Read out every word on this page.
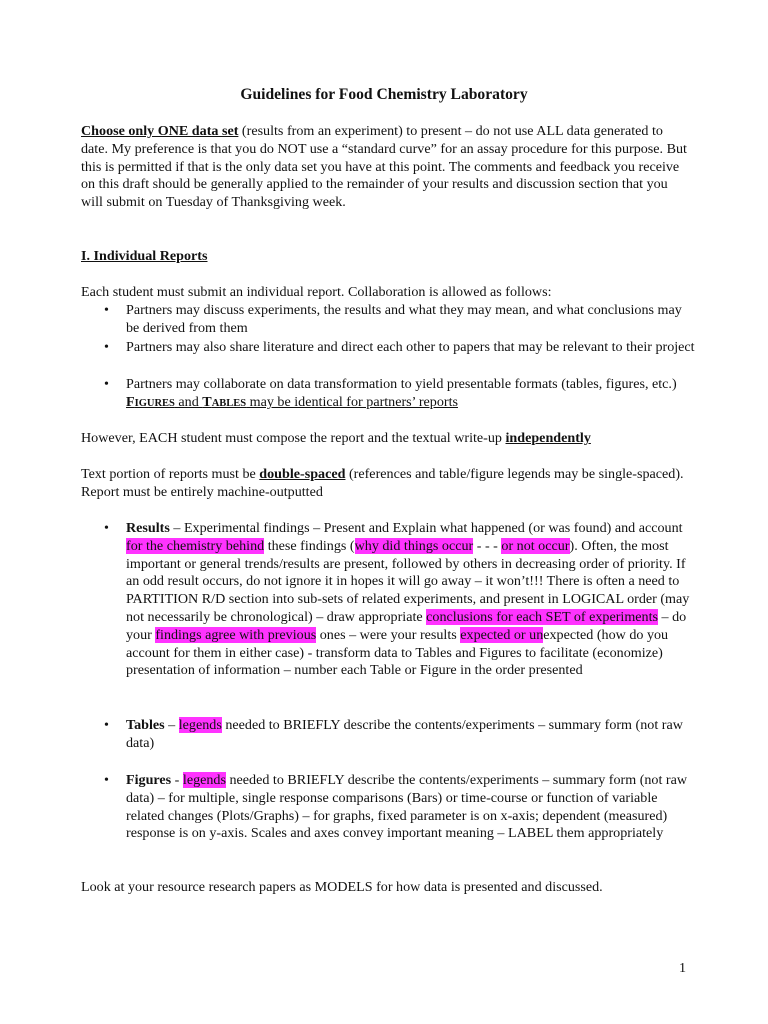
Guidelines for Food Chemistry Laboratory
Choose only ONE data set (results from an experiment) to present – do not use ALL data generated to date. My preference is that you do NOT use a “standard curve” for an assay procedure for this purpose. But this is permitted if that is the only data set you have at this point. The comments and feedback you receive on this draft should be generally applied to the remainder of your results and discussion section that you will submit on Tuesday of Thanksgiving week.
I. Individual Reports
Each student must submit an individual report. Collaboration is allowed as follows:
• Partners may discuss experiments, the results and what they may mean, and what conclusions may be derived from them
• Partners may also share literature and direct each other to papers that may be relevant to their project
• Partners may collaborate on data transformation to yield presentable formats (tables, figures, etc.) FIGURES and TABLES may be identical for partners’ reports
However, EACH student must compose the report and the textual write-up independently
Text portion of reports must be double-spaced (references and table/figure legends may be single-spaced). Report must be entirely machine-outputted
• Results – Experimental findings – Present and Explain what happened (or was found) and account for the chemistry behind these findings (why did things occur - - - or not occur). Often, the most important or general trends/results are present, followed by others in decreasing order of priority. If an odd result occurs, do not ignore it in hopes it will go away – it won’t!!! There is often a need to PARTITION R/D section into sub-sets of related experiments, and present in LOGICAL order (may not necessarily be chronological) – draw appropriate conclusions for each SET of experiments – do your findings agree with previous ones – were your results expected or unexpected (how do you account for them in either case) - transform data to Tables and Figures to facilitate (economize) presentation of information – number each Table or Figure in the order presented
• Tables – legends needed to BRIEFLY describe the contents/experiments – summary form (not raw data)
• Figures - legends needed to BRIEFLY describe the contents/experiments – summary form (not raw data) – for multiple, single response comparisons (Bars) or time-course or function of variable related changes (Plots/Graphs) – for graphs, fixed parameter is on x-axis; dependent (measured) response is on y-axis. Scales and axes convey important meaning – LABEL them appropriately
Look at your resource research papers as MODELS for how data is presented and discussed.
1
